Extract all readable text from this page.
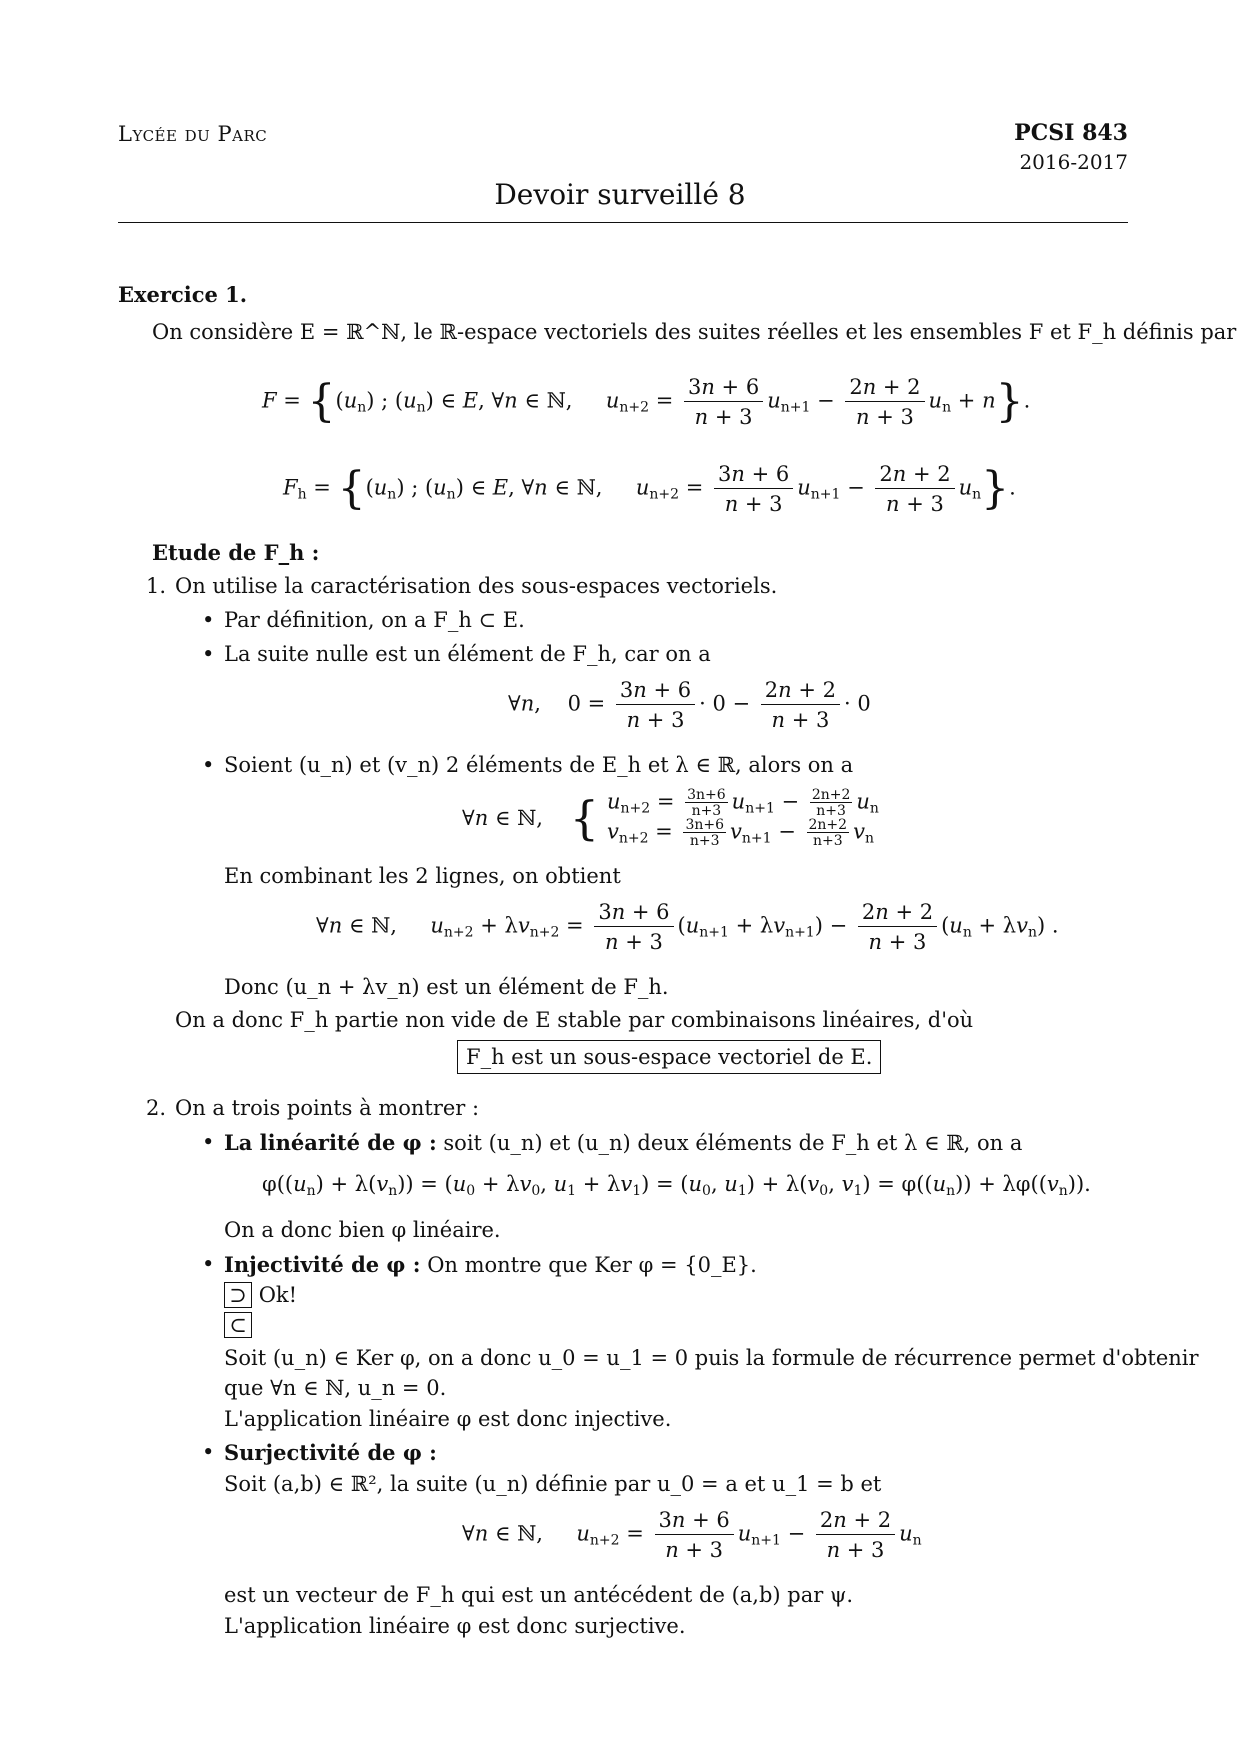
Lycée du Parc	PCSI 843
2016-2017
Devoir surveillé 8
Exercice 1.
On considère E = ℝ^ℕ, le ℝ-espace vectoriels des suites réelles et les ensembles F et F_h définis par
$F = \{(u_n)$ ; $(u_n)$ ∈ E, ∀n ∈ ℕ,     $u_{n+2} = \frac{3n + 6}{n + 3} u_{n+1} - \frac{2n + 2}{n + 3} u_n + n$}.
$F_h = \{(u_n)$ ; $(u_n)$ ∈ E, ∀n ∈ ℕ,     $u_{n+2} = \frac{3n + 6}{n + 3} u_{n+1} - \frac{2n + 2}{n + 3} u_n$}.
Etude de F_h :
1. On utilise la caractérisation des sous-espaces vectoriels.
• Par définition, on a F_h ⊂ E.
• La suite nulle est un élément de F_h, car on a
∀n,    $0 = \frac{3n + 6}{n + 3} \cdot 0 - \frac{2n + 2}{n + 3} \cdot 0$
• Soient (u_n) et (v_n) 2 éléments de E_h et λ ∈ ℝ, alors on a
∀n ∈ ℕ, { $u_{n+2} = \frac{3n+6}{n+3} u_{n+1} - \frac{2n+2}{n+3} u_n$
$v_{n+2} = \frac{3n+6}{n+3} v_{n+1} - \frac{2n+2}{n+3} v_n$
En combinant les 2 lignes, on obtient
∀n ∈ ℕ,     $u_{n+2} + \lambda v_{n+2} = \frac{3n + 6}{n + 3} (u_{n+1} + \lambda v_{n+1}) - \frac{2n + 2}{n + 3} (u_n + \lambda v_n)$ .
Donc (u_n + λv_n) est un élément de F_h.
On a donc F_h partie non vide de E stable par combinaisons linéaires, d'où
F_h est un sous-espace vectoriel de E.
2. On a trois points à montrer :
• La linéarité de φ : soit (u_n) et (u_n) deux éléments de F_h et λ ∈ ℝ, on a
$\varphi((u_n) + \lambda(v_n)) = (u_0 + \lambda v_0$, $u_1 + \lambda v_1) = (u_0$, $u_1) + \lambda(v_0$, $v_1) = \varphi((u_n)) + \lambda\varphi((v_n))$.
On a donc bien φ linéaire.
• Injectivité de φ : On montre que Ker φ = {0_E}.
⊃ Ok!
⊂
Soit (u_n) ∈ Ker φ, on a donc u_0 = u_1 = 0 puis la formule de récurrence permet d'obtenir
que ∀n ∈ ℕ, u_n = 0.
L'application linéaire φ est donc injective.
• Surjectivité de φ :
Soit (a,b) ∈ ℝ², la suite (u_n) définie par u_0 = a et u_1 = b et
∀n ∈ ℕ,     $u_{n+2} = \frac{3n + 6}{n + 3} u_{n+1} - \frac{2n + 2}{n + 3} u_n$
est un vecteur de F_h qui est un antécédent de (a,b) par ψ.
L'application linéaire φ est donc surjective.
